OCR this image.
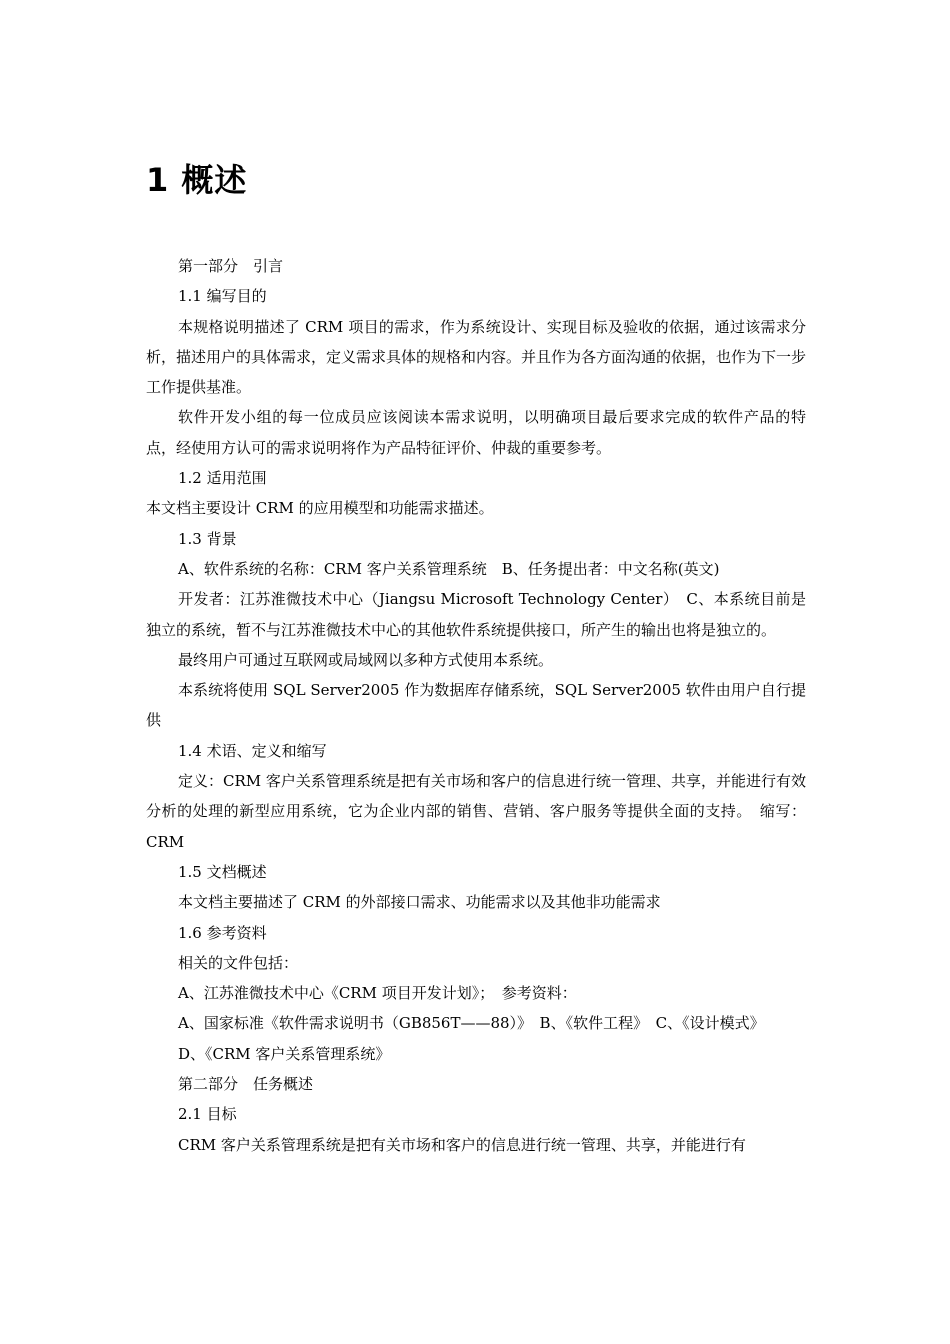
1 概述

第一部分　引言

1.1 编写目的

本规格说明描述了 CRM 项目的需求，作为系统设计、实现目标及验收的依据，通过该需求分析，描述用户的具体需求，定义需求具体的规格和内容。并且作为各方面沟通的依据，也作为下一步工作提供基准。

软件开发小组的每一位成员应该阅读本需求说明，以明确项目最后要求完成的软件产品的特点，经使用方认可的需求说明将作为产品特征评价、仲裁的重要参考。

1.2 适用范围

本文档主要设计 CRM 的应用模型和功能需求描述。

1.3 背景

A、软件系统的名称：CRM 客户关系管理系统　B、任务提出者：中文名称(英文)

开发者：江苏淮微技术中心（Jiangsu Microsoft Technology Center）　C、本系统目前是独立的系统，暂不与江苏淮微技术中心的其他软件系统提供接口，所产生的输出也将是独立的。

最终用户可通过互联网或局域网以多种方式使用本系统。

本系统将使用 SQL Server2005 作为数据库存储系统，SQL Server2005 软件由用户自行提供

1.4 术语、定义和缩写

定义：CRM 客户关系管理系统是把有关市场和客户的信息进行统一管理、共享，并能进行有效分析的处理的新型应用系统，它为企业内部的销售、营销、客户服务等提供全面的支持。　缩写：CRM

1.5 文档概述

本文档主要描述了 CRM 的外部接口需求、功能需求以及其他非功能需求

1.6 参考资料

相关的文件包括：

A、江苏淮微技术中心《CRM 项目开发计划》；　参考资料：

A、国家标准《软件需求说明书（GB856T——88）》　B、《软件工程》　C、《设计模式》

D、《CRM 客户关系管理系统》

第二部分　任务概述

2.1 目标

CRM 客户关系管理系统是把有关市场和客户的信息进行统一管理、共享，并能进行有
